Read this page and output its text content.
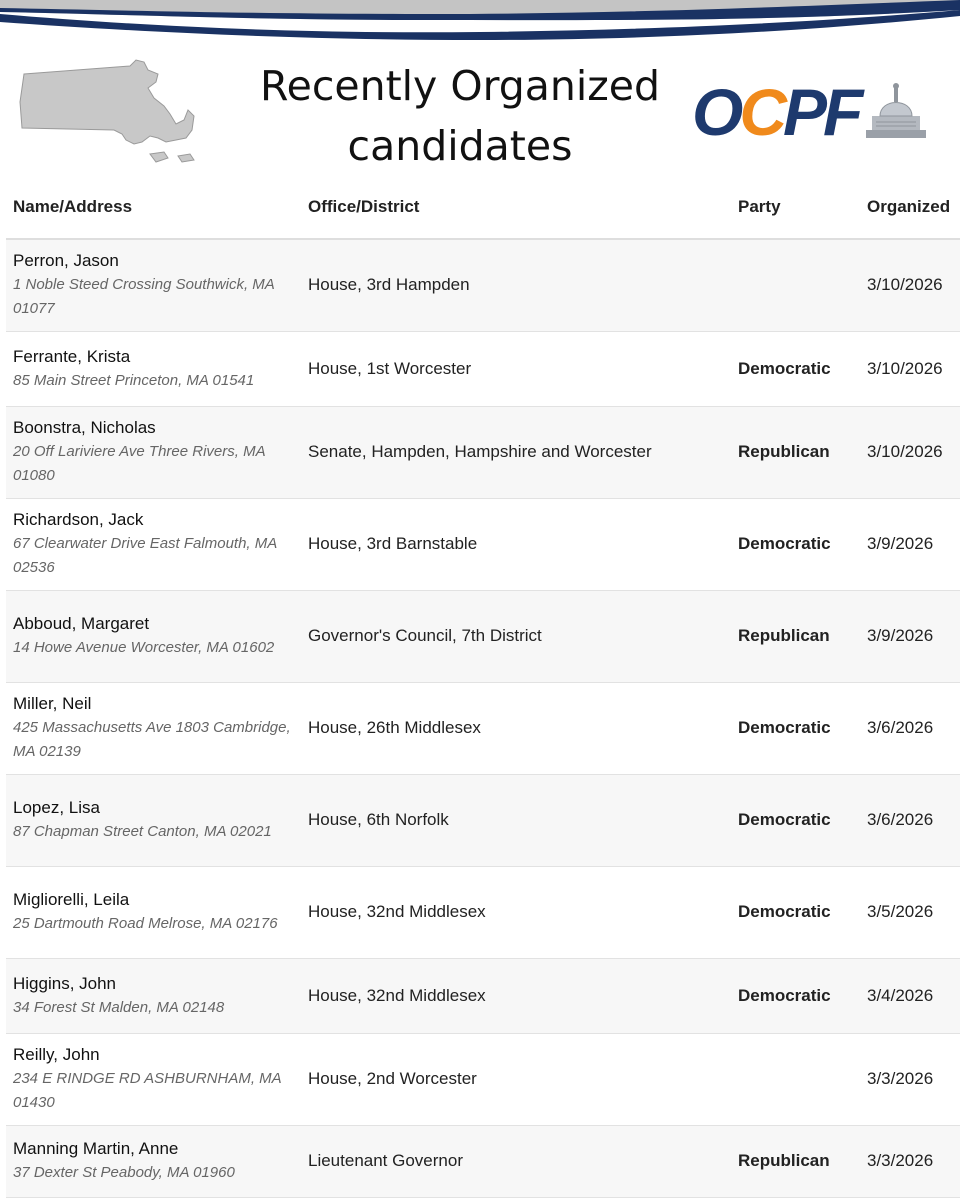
Recently Organized
candidates	OCPF
Name/Address	Office/District	Party	Organized

Perron, Jason
1 Noble Steed Crossing Southwick, MA 01077	House, 3rd Hampden		3/10/2026

Ferrante, Krista
85 Main Street Princeton, MA 01541	House, 1st Worcester	Democratic	3/10/2026

Boonstra, Nicholas
20 Off Lariviere Ave Three Rivers, MA 01080	Senate, Hampden, Hampshire and Worcester	Republican	3/10/2026

Richardson, Jack
67 Clearwater Drive East Falmouth, MA 02536	House, 3rd Barnstable	Democratic	3/9/2026

Abboud, Margaret
14 Howe Avenue Worcester, MA 01602	Governor's Council, 7th District	Republican	3/9/2026

Miller, Neil
425 Massachusetts Ave 1803 Cambridge, MA 02139	House, 26th Middlesex	Democratic	3/6/2026

Lopez, Lisa
87 Chapman Street Canton, MA 02021	House, 6th Norfolk	Democratic	3/6/2026

Migliorelli, Leila
25 Dartmouth Road Melrose, MA 02176	House, 32nd Middlesex	Democratic	3/5/2026

Higgins, John
34 Forest St Malden, MA 02148	House, 32nd Middlesex	Democratic	3/4/2026

Reilly, John
234 E RINDGE RD ASHBURNHAM, MA 01430	House, 2nd Worcester		3/3/2026

Manning Martin, Anne
37 Dexter St Peabody, MA 01960	Lieutenant Governor	Republican	3/3/2026
